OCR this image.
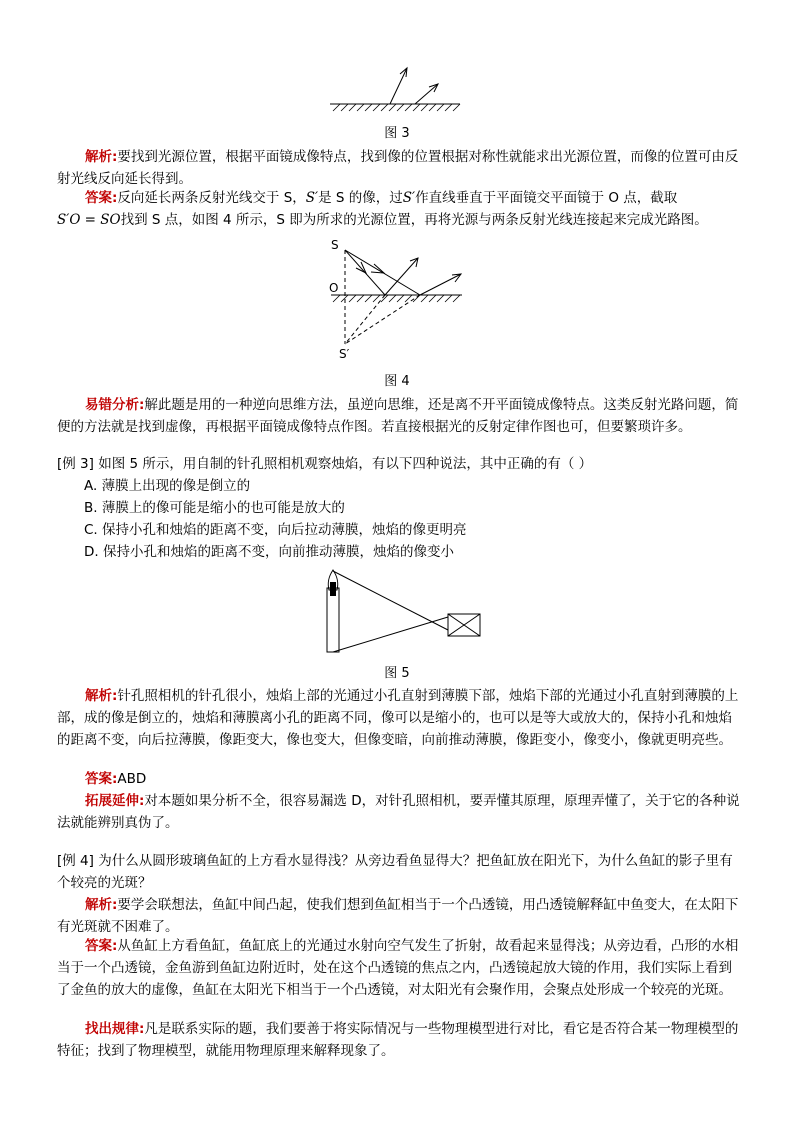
图 3

解析:要找到光源位置，根据平面镜成像特点，找到像的位置根据对称性就能求出光源位置，而像的位置可由反射光线反向延长得到。

答案:反向延长两条反射光线交于 S，S′是 S 的像，过S′作直线垂直于平面镜交平面镜于 O 点，截取
S′O = SO找到 S 点，如图 4 所示，S 即为所求的光源位置，再将光源与两条反射光线连接起来完成光路图。

S
O
S′
图 4

易错分析:解此题是用的一种逆向思维方法，虽逆向思维，还是离不开平面镜成像特点。这类反射光路问题，简便的方法就是找到虚像，再根据平面镜成像特点作图。若直接根据光的反射定律作图也可，但要繁琐许多。

[例 3] 如图 5 所示，用自制的针孔照相机观察烛焰，有以下四种说法，其中正确的有（ ）

A. 薄膜上出现的像是倒立的

B. 薄膜上的像可能是缩小的也可能是放大的

C. 保持小孔和烛焰的距离不变，向后拉动薄膜，烛焰的像更明亮

D. 保持小孔和烛焰的距离不变，向前推动薄膜，烛焰的像变小

图 5

解析:针孔照相机的针孔很小，烛焰上部的光通过小孔直射到薄膜下部，烛焰下部的光通过小孔直射到薄膜的上部，成的像是倒立的，烛焰和薄膜离小孔的距离不同，像可以是缩小的，也可以是等大或放大的，保持小孔和烛焰的距离不变，向后拉薄膜，像距变大，像也变大，但像变暗，向前推动薄膜，像距变小，像变小，像就更明亮些。

答案:ABD

拓展延伸:对本题如果分析不全，很容易漏选 D，对针孔照相机，要弄懂其原理，原理弄懂了，关于它的各种说法就能辨别真伪了。

[例 4] 为什么从圆形玻璃鱼缸的上方看水显得浅？从旁边看鱼显得大？把鱼缸放在阳光下，为什么鱼缸的影子里有个较亮的光斑？

解析:要学会联想法，鱼缸中间凸起，使我们想到鱼缸相当于一个凸透镜，用凸透镜解释缸中鱼变大，在太阳下有光斑就不困难了。

答案:从鱼缸上方看鱼缸，鱼缸底上的光通过水射向空气发生了折射，故看起来显得浅；从旁边看，凸形的水相当于一个凸透镜，金鱼游到鱼缸边附近时，处在这个凸透镜的焦点之内，凸透镜起放大镜的作用，我们实际上看到了金鱼的放大的虚像，鱼缸在太阳光下相当于一个凸透镜，对太阳光有会聚作用，会聚点处形成一个较亮的光斑。

找出规律:凡是联系实际的题，我们要善于将实际情况与一些物理模型进行对比，看它是否符合某一物理模型的特征；找到了物理模型，就能用物理原理来解释现象了。
